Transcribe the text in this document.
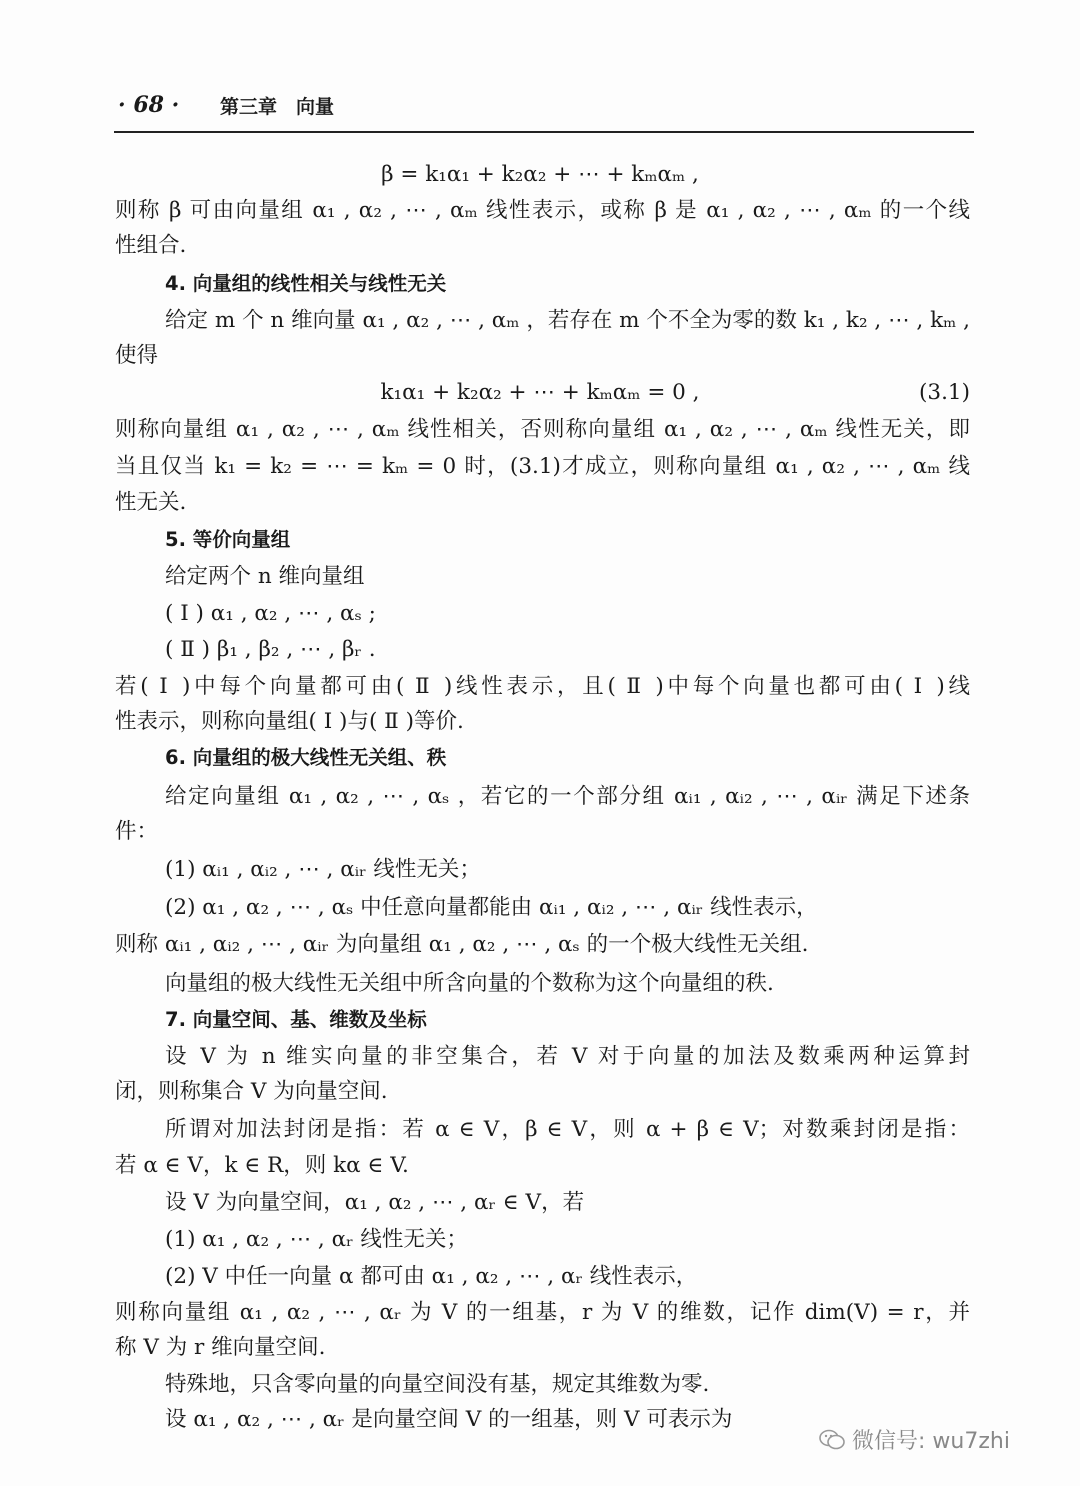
· 68 · 第三章　向量
β = k₁α₁ + k₂α₂ + ⋯ + kₘαₘ ,
则称 β 可由向量组 α₁ , α₂ , ⋯ , αₘ 线性表示，或称 β 是 α₁ , α₂ , ⋯ , αₘ 的一个线
性组合.
4. 向量组的线性相关与线性无关
给定 m 个 n 维向量 α₁ , α₂ , ⋯ , αₘ ，若存在 m 个不全为零的数 k₁ , k₂ , ⋯ , kₘ ,
使得
k₁α₁ + k₂α₂ + ⋯ + kₘαₘ = 0 ,	(3.1)
则称向量组 α₁ , α₂ , ⋯ , αₘ 线性相关，否则称向量组 α₁ , α₂ , ⋯ , αₘ 线性无关，即
当且仅当 k₁ = k₂ = ⋯ = kₘ = 0 时，(3.1)才成立，则称向量组 α₁ , α₂ , ⋯ , αₘ 线
性无关.
5. 等价向量组
给定两个 n 维向量组
( Ⅰ ) α₁ , α₂ , ⋯ , αₛ ;
( Ⅱ ) β₁ , β₂ , ⋯ , βᵣ .
若( Ⅰ )中每个向量都可由( Ⅱ )线性表示，且( Ⅱ )中每个向量也都可由( Ⅰ )线
性表示，则称向量组( Ⅰ )与( Ⅱ )等价.
6. 向量组的极大线性无关组、秩
给定向量组 α₁ , α₂ , ⋯ , αₛ ，若它的一个部分组 αᵢ₁ , αᵢ₂ , ⋯ , αᵢᵣ 满足下述条
件：
(1) αᵢ₁ , αᵢ₂ , ⋯ , αᵢᵣ 线性无关；
(2) α₁ , α₂ , ⋯ , αₛ 中任意向量都能由 αᵢ₁ , αᵢ₂ , ⋯ , αᵢᵣ 线性表示，
则称 αᵢ₁ , αᵢ₂ , ⋯ , αᵢᵣ 为向量组 α₁ , α₂ , ⋯ , αₛ 的一个极大线性无关组.
向量组的极大线性无关组中所含向量的个数称为这个向量组的秩.
7. 向量空间、基、维数及坐标
设 V 为 n 维实向量的非空集合，若 V 对于向量的加法及数乘两种运算封
闭，则称集合 V 为向量空间.
所谓对加法封闭是指：若 α ∈ V，β ∈ V，则 α + β ∈ V；对数乘封闭是指：
若 α ∈ V，k ∈ R，则 kα ∈ V.
设 V 为向量空间，α₁ , α₂ , ⋯ , αᵣ ∈ V，若
(1) α₁ , α₂ , ⋯ , αᵣ 线性无关；
(2) V 中任一向量 α 都可由 α₁ , α₂ , ⋯ , αᵣ 线性表示，
则称向量组 α₁ , α₂ , ⋯ , αᵣ 为 V 的一组基，r 为 V 的维数，记作 dim(V) = r，并
称 V 为 r 维向量空间.
特殊地，只含零向量的向量空间没有基，规定其维数为零.
设 α₁ , α₂ , ⋯ , αᵣ 是向量空间 V 的一组基，则 V 可表示为
微信号: wu7zhi
